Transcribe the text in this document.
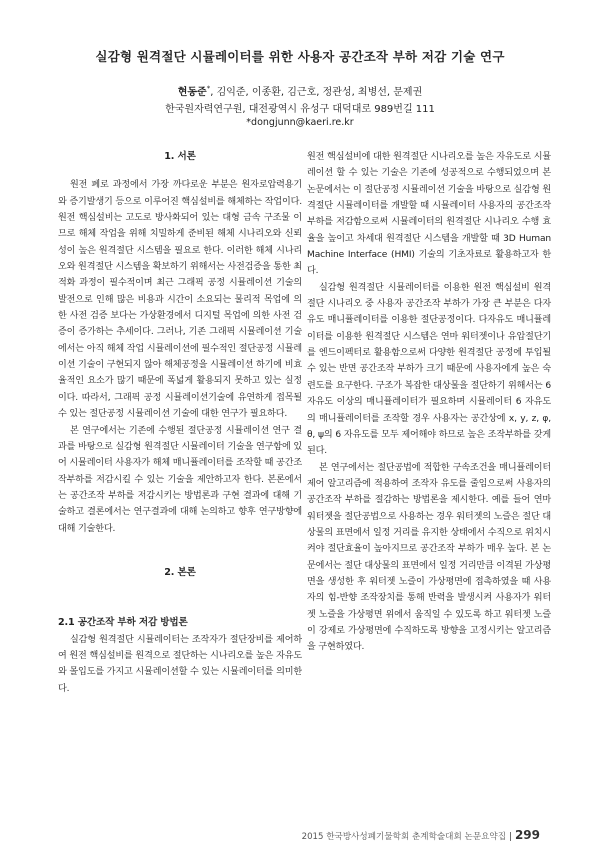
실감형 원격절단 시뮬레이터를 위한 사용자 공간조작 부하 저감 기술 연구
현동준*, 김익준, 이종환, 김근호, 정관성, 최병선, 문제권
한국원자력연구원, 대전광역시 유성구 대덕대로 989번길 111
*dongjunn@kaeri.re.kr
1. 서론

원전 폐로 과정에서 가장 까다로운 부분은 원자로압력용기와 증기발생기 등으로 이루어진 핵심설비를 해체하는 작업이다. 원전 핵심설비는 고도로 방사화되어 있는 대형 금속 구조물 이므로 해체 작업을 위해 치밀하게 준비된 해체 시나리오와 신뢰성이 높은 원격절단 시스템을 필요로 한다. 이러한 해체 시나리오와 원격절단 시스템을 확보하기 위해서는 사전검증을 통한 최적화 과정이 필수적이며 최근 그래픽 공정 시뮬레이션 기술의 발전으로 인해 많은 비용과 시간이 소요되는 물리적 목업에 의한 사전 검증 보다는 가상환경에서 디지털 목업에 의한 사전 검증이 증가하는 추세이다. 그러나, 기존 그래픽 시뮬레이션 기술에서는 아직 해체 작업 시뮬레이션에 필수적인 절단공정 시뮬레이션 기술이 구현되지 않아 해체공정을 시뮬레이션 하기에 비효율적인 요소가 많기 때문에 폭넓게 활용되지 못하고 있는 실정이다. 따라서, 그래픽 공정 시뮬레이션기술에 유연하게 접목될 수 있는 절단공정 시뮬레이션 기술에 대한 연구가 필요하다.

본 연구에서는 기존에 수행된 절단공정 시뮬레이션 연구 결과를 바탕으로 실감형 원격절단 시뮬레이터 기술을 연구함에 있어 시뮬레이터 사용자가 해체 매니퓰레이터를 조작할 때 공간조작부하를 저감시킬 수 있는 기술을 제안하고자 한다. 본론에서는 공간조작 부하를 저감시키는 방법론과 구현 결과에 대해 기술하고 결론에서는 연구결과에 대해 논의하고 향후 연구방향에 대해 기술한다.

2. 본론
2.1 공간조작 부하 저감 방법론

실감형 원격절단 시뮬레이터는 조작자가 절단장비를 제어하여 원전 핵심설비를 원격으로 절단하는 시나리오를 높은 자유도와 몰입도를 가지고 시뮬레이션할 수 있는 시뮬레이터를 의미한다.

원전 핵심설비에 대한 원격절단 시나리오를 높은 자유도로 시뮬레이션 할 수 있는 기술은 기존에 성공적으로 수행되었으며 본 논문에서는 이 절단공정 시뮬레이션 기술을 바탕으로 실감형 원격절단 시뮬레이터를 개발할 때 시뮬레이터 사용자의 공간조작 부하를 저감함으로써 시뮬레이터의 원격절단 시나리오 수행 효율을 높이고 차세대 원격절단 시스템을 개발할 때 3D Human Machine Interface (HMI) 기술의 기초자료로 활용하고자 한다.

실감형 원격절단 시뮬레이터를 이용한 원전 핵심설비 원격절단 시나리오 중 사용자 공간조작 부하가 가장 큰 부분은 다자유도 매니퓰레이터를 이용한 절단공정이다. 다자유도 매니퓰레이터를 이용한 원격절단 시스템은 연마 워터젯이나 유압절단기를 엔드이펙터로 활용함으로써 다양한 원격절단 공정에 투입될 수 있는 반면 공간조작 부하가 크기 때문에 사용자에게 높은 숙련도를 요구한다. 구조가 복잡한 대상물을 절단하기 위해서는 6 자유도 이상의 매니퓰레이터가 필요하며 시뮬레이터 6 자유도의 매니퓰레이터를 조작할 경우 사용자는 공간상에 x, y, z, φ, θ, ψ의 6 자유도를 모두 제어해야 하므로 높은 조작부하를 갖게 된다.

본 연구에서는 절단공법에 적합한 구속조건을 매니퓰레이터 제어 알고리즘에 적용하여 조작자 유도를 줄임으로써 사용자의 공간조작 부하를 절감하는 방법론을 제시한다. 예를 들어 연마 워터젯을 절단공법으로 사용하는 경우 워터젯의 노즐은 절단 대상물의 표면에서 일정 거리를 유지한 상태에서 수직으로 위치시켜야 절단효율이 높아지므로 공간조작 부하가 매우 높다. 본 논문에서는 절단 대상물의 표면에서 일정 거리만큼 이격된 가상평면을 생성한 후 워터젯 노즐이 가상평면에 접촉하였을 때 사용자의 힘-반향 조작장치를 통해 반력을 발생시켜 사용자가 워터젯 노즐을 가상평면 위에서 움직일 수 있도록 하고 워터젯 노즐이 강제로 가상평면에 수직하도록 방향을 고정시키는 알고리즘을 구현하였다.

2015 한국방사성폐기물학회 춘계학술대회 논문요약집 | 299
